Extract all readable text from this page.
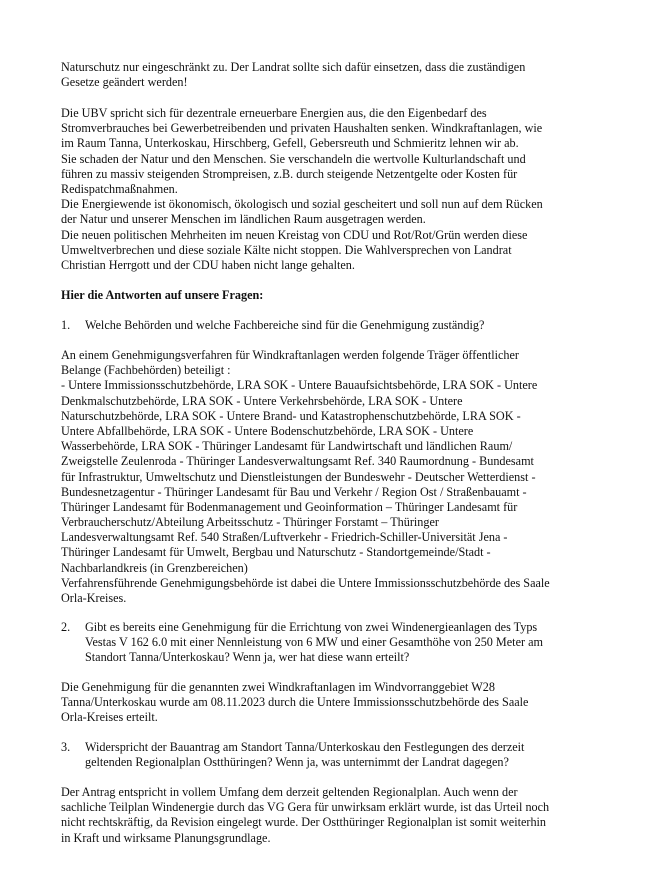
Naturschutz nur eingeschränkt zu. Der Landrat sollte sich dafür einsetzen, dass die zuständigen
Gesetze geändert werden!
Die UBV spricht sich für dezentrale erneuerbare Energien aus, die den Eigenbedarf des
Stromverbrauches bei Gewerbetreibenden und privaten Haushalten senken. Windkraftanlagen, wie
im Raum Tanna, Unterkoskau, Hirschberg, Gefell, Gebersreuth und Schmieritz lehnen wir ab.
Sie schaden der Natur und den Menschen. Sie verschandeln die wertvolle Kulturlandschaft und
führen zu massiv steigenden Strompreisen, z.B. durch steigende Netzentgelte oder Kosten für
Redispatchmaßnahmen.
Die Energiewende ist ökonomisch, ökologisch und sozial gescheitert und soll nun auf dem Rücken
der Natur und unserer Menschen im ländlichen Raum ausgetragen werden.
Die neuen politischen Mehrheiten im neuen Kreistag von CDU und Rot/Rot/Grün werden diese
Umweltverbrechen und diese soziale Kälte nicht stoppen. Die Wahlversprechen von Landrat
Christian Herrgott und der CDU haben nicht lange gehalten.
Hier die Antworten auf unsere Fragen:
1. Welche Behörden und welche Fachbereiche sind für die Genehmigung zuständig?
An einem Genehmigungsverfahren für Windkraftanlagen werden folgende Träger öffentlicher
Belange (Fachbehörden) beteiligt :
- Untere Immissionsschutzbehörde, LRA SOK - Untere Bauaufsichtsbehörde, LRA SOK - Untere
Denkmalschutzbehörde, LRA SOK - Untere Verkehrsbehörde, LRA SOK - Untere
Naturschutzbehörde, LRA SOK - Untere Brand- und Katastrophenschutzbehörde, LRA SOK -
Untere Abfallbehörde, LRA SOK - Untere Bodenschutzbehörde, LRA SOK - Untere
Wasserbehörde, LRA SOK - Thüringer Landesamt für Landwirtschaft und ländlichen Raum/
Zweigstelle Zeulenroda - Thüringer Landesverwaltungsamt Ref. 340 Raumordnung - Bundesamt
für Infrastruktur, Umweltschutz und Dienstleistungen der Bundeswehr - Deutscher Wetterdienst -
Bundesnetzagentur - Thüringer Landesamt für Bau und Verkehr / Region Ost / Straßenbauamt -
Thüringer Landesamt für Bodenmanagement und Geoinformation – Thüringer Landesamt für
Verbraucherschutz/Abteilung Arbeitsschutz - Thüringer Forstamt – Thüringer
Landesverwaltungsamt Ref. 540 Straßen/Luftverkehr - Friedrich-Schiller-Universität Jena -
Thüringer Landesamt für Umwelt, Bergbau und Naturschutz - Standortgemeinde/Stadt -
Nachbarlandkreis (in Grenzbereichen)
Verfahrensführende Genehmigungsbehörde ist dabei die Untere Immissionsschutzbehörde des Saale
Orla-Kreises.
2. Gibt es bereits eine Genehmigung für die Errichtung von zwei Windenergieanlagen des Typs
Vestas V 162 6.0 mit einer Nennleistung von 6 MW und einer Gesamthöhe von 250 Meter am
Standort Tanna/Unterkoskau? Wenn ja, wer hat diese wann erteilt?
Die Genehmigung für die genannten zwei Windkraftanlagen im Windvorranggebiet W28
Tanna/Unterkoskau wurde am 08.11.2023 durch die Untere Immissionsschutzbehörde des Saale
Orla-Kreises erteilt.
3. Widerspricht der Bauantrag am Standort Tanna/Unterkoskau den Festlegungen des derzeit
geltenden Regionalplan Ostthüringen? Wenn ja, was unternimmt der Landrat dagegen?
Der Antrag entspricht in vollem Umfang dem derzeit geltenden Regionalplan. Auch wenn der
sachliche Teilplan Windenergie durch das VG Gera für unwirksam erklärt wurde, ist das Urteil noch
nicht rechtskräftig, da Revision eingelegt wurde. Der Ostthüringer Regionalplan ist somit weiterhin
in Kraft und wirksame Planungsgrundlage.
